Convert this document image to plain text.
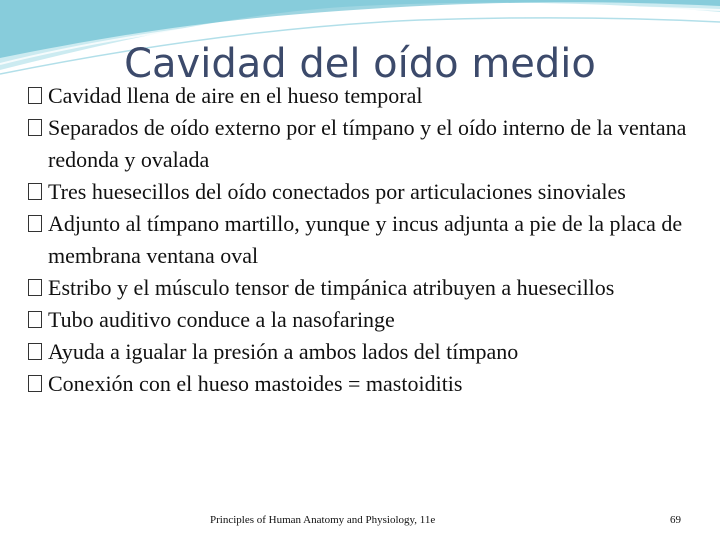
Cavidad del oído medio
Cavidad llena de aire en el hueso temporal
Separados de oído externo por el tímpano y el oído interno de la ventana redonda y ovalada
Tres huesecillos del oído conectados por articulaciones sinoviales
Adjunto al tímpano martillo, yunque y incus adjunta a pie de la placa de membrana ventana oval
Estribo y el músculo tensor de timpánica atribuyen a huesecillos
Tubo auditivo conduce a la nasofaringe
Ayuda a igualar la presión a ambos lados del tímpano
Conexión con el hueso mastoides = mastoiditis
Principles of Human Anatomy and Physiology, 11e	69
